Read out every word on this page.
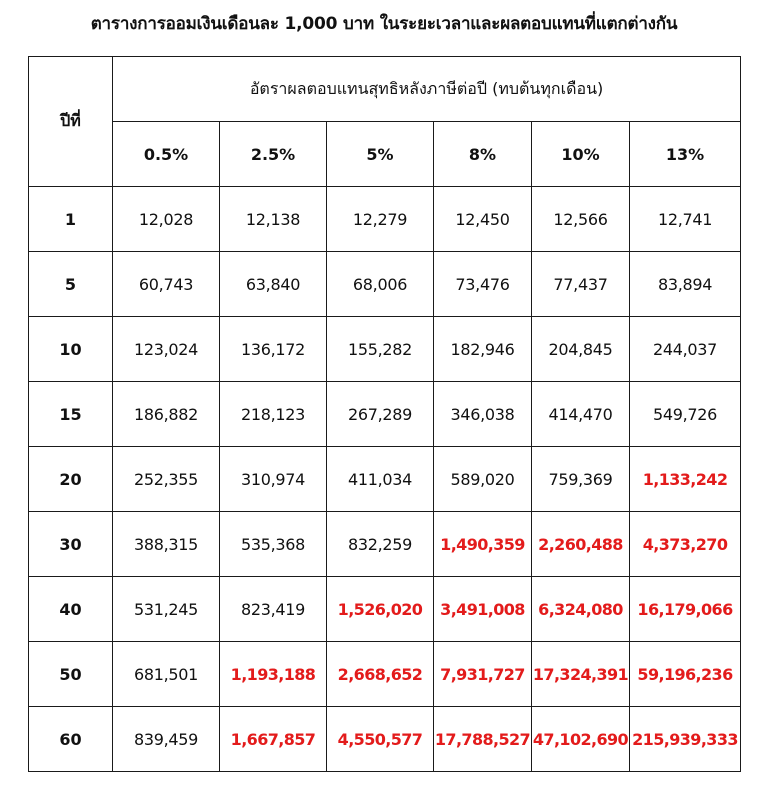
ตารางการออมเงินเดือนละ 1,000 บาท ในระยะเวลาและผลตอบแทนที่แตกต่างกัน
ปีที่	อัตราผลตอบแทนสุทธิหลังภาษีต่อปี (ทบต้นทุกเดือน)					
	0.5%	2.5%	5%	8%	10%	13%
1	12,028	12,138	12,279	12,450	12,566	12,741
5	60,743	63,840	68,006	73,476	77,437	83,894
10	123,024	136,172	155,282	182,946	204,845	244,037
15	186,882	218,123	267,289	346,038	414,470	549,726
20	252,355	310,974	411,034	589,020	759,369	1,133,242
30	388,315	535,368	832,259	1,490,359	2,260,488	4,373,270
40	531,245	823,419	1,526,020	3,491,008	6,324,080	16,179,066
50	681,501	1,193,188	2,668,652	7,931,727	17,324,391	59,196,236
60	839,459	1,667,857	4,550,577	17,788,527	47,102,690	215,939,333
